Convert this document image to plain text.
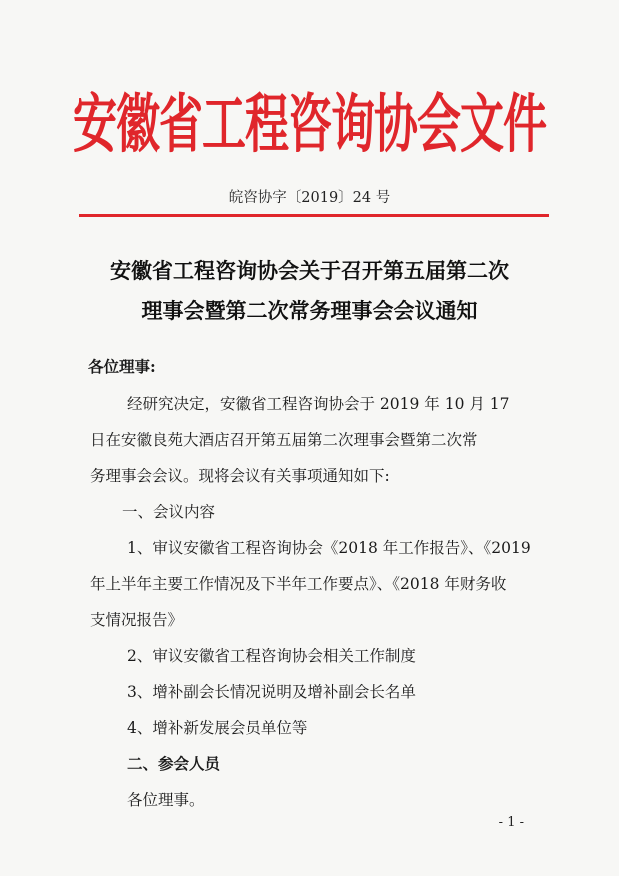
安徽省工程咨询协会文件
皖咨协字〔2019〕24 号
安徽省工程咨询协会关于召开第五届第二次
理事会暨第二次常务理事会会议通知
各位理事:
经研究决定，安徽省工程咨询协会于 2019 年 10 月 17
日在安徽良苑大酒店召开第五届第二次理事会暨第二次常
务理事会会议。现将会议有关事项通知如下:
一、会议内容
1、审议安徽省工程咨询协会《2018 年工作报告》、《2019
年上半年主要工作情况及下半年工作要点》、《2018 年财务收
支情况报告》
2、审议安徽省工程咨询协会相关工作制度
3、增补副会长情况说明及增补副会长名单
4、增补新发展会员单位等
二、参会人员
各位理事。
- 1 -
